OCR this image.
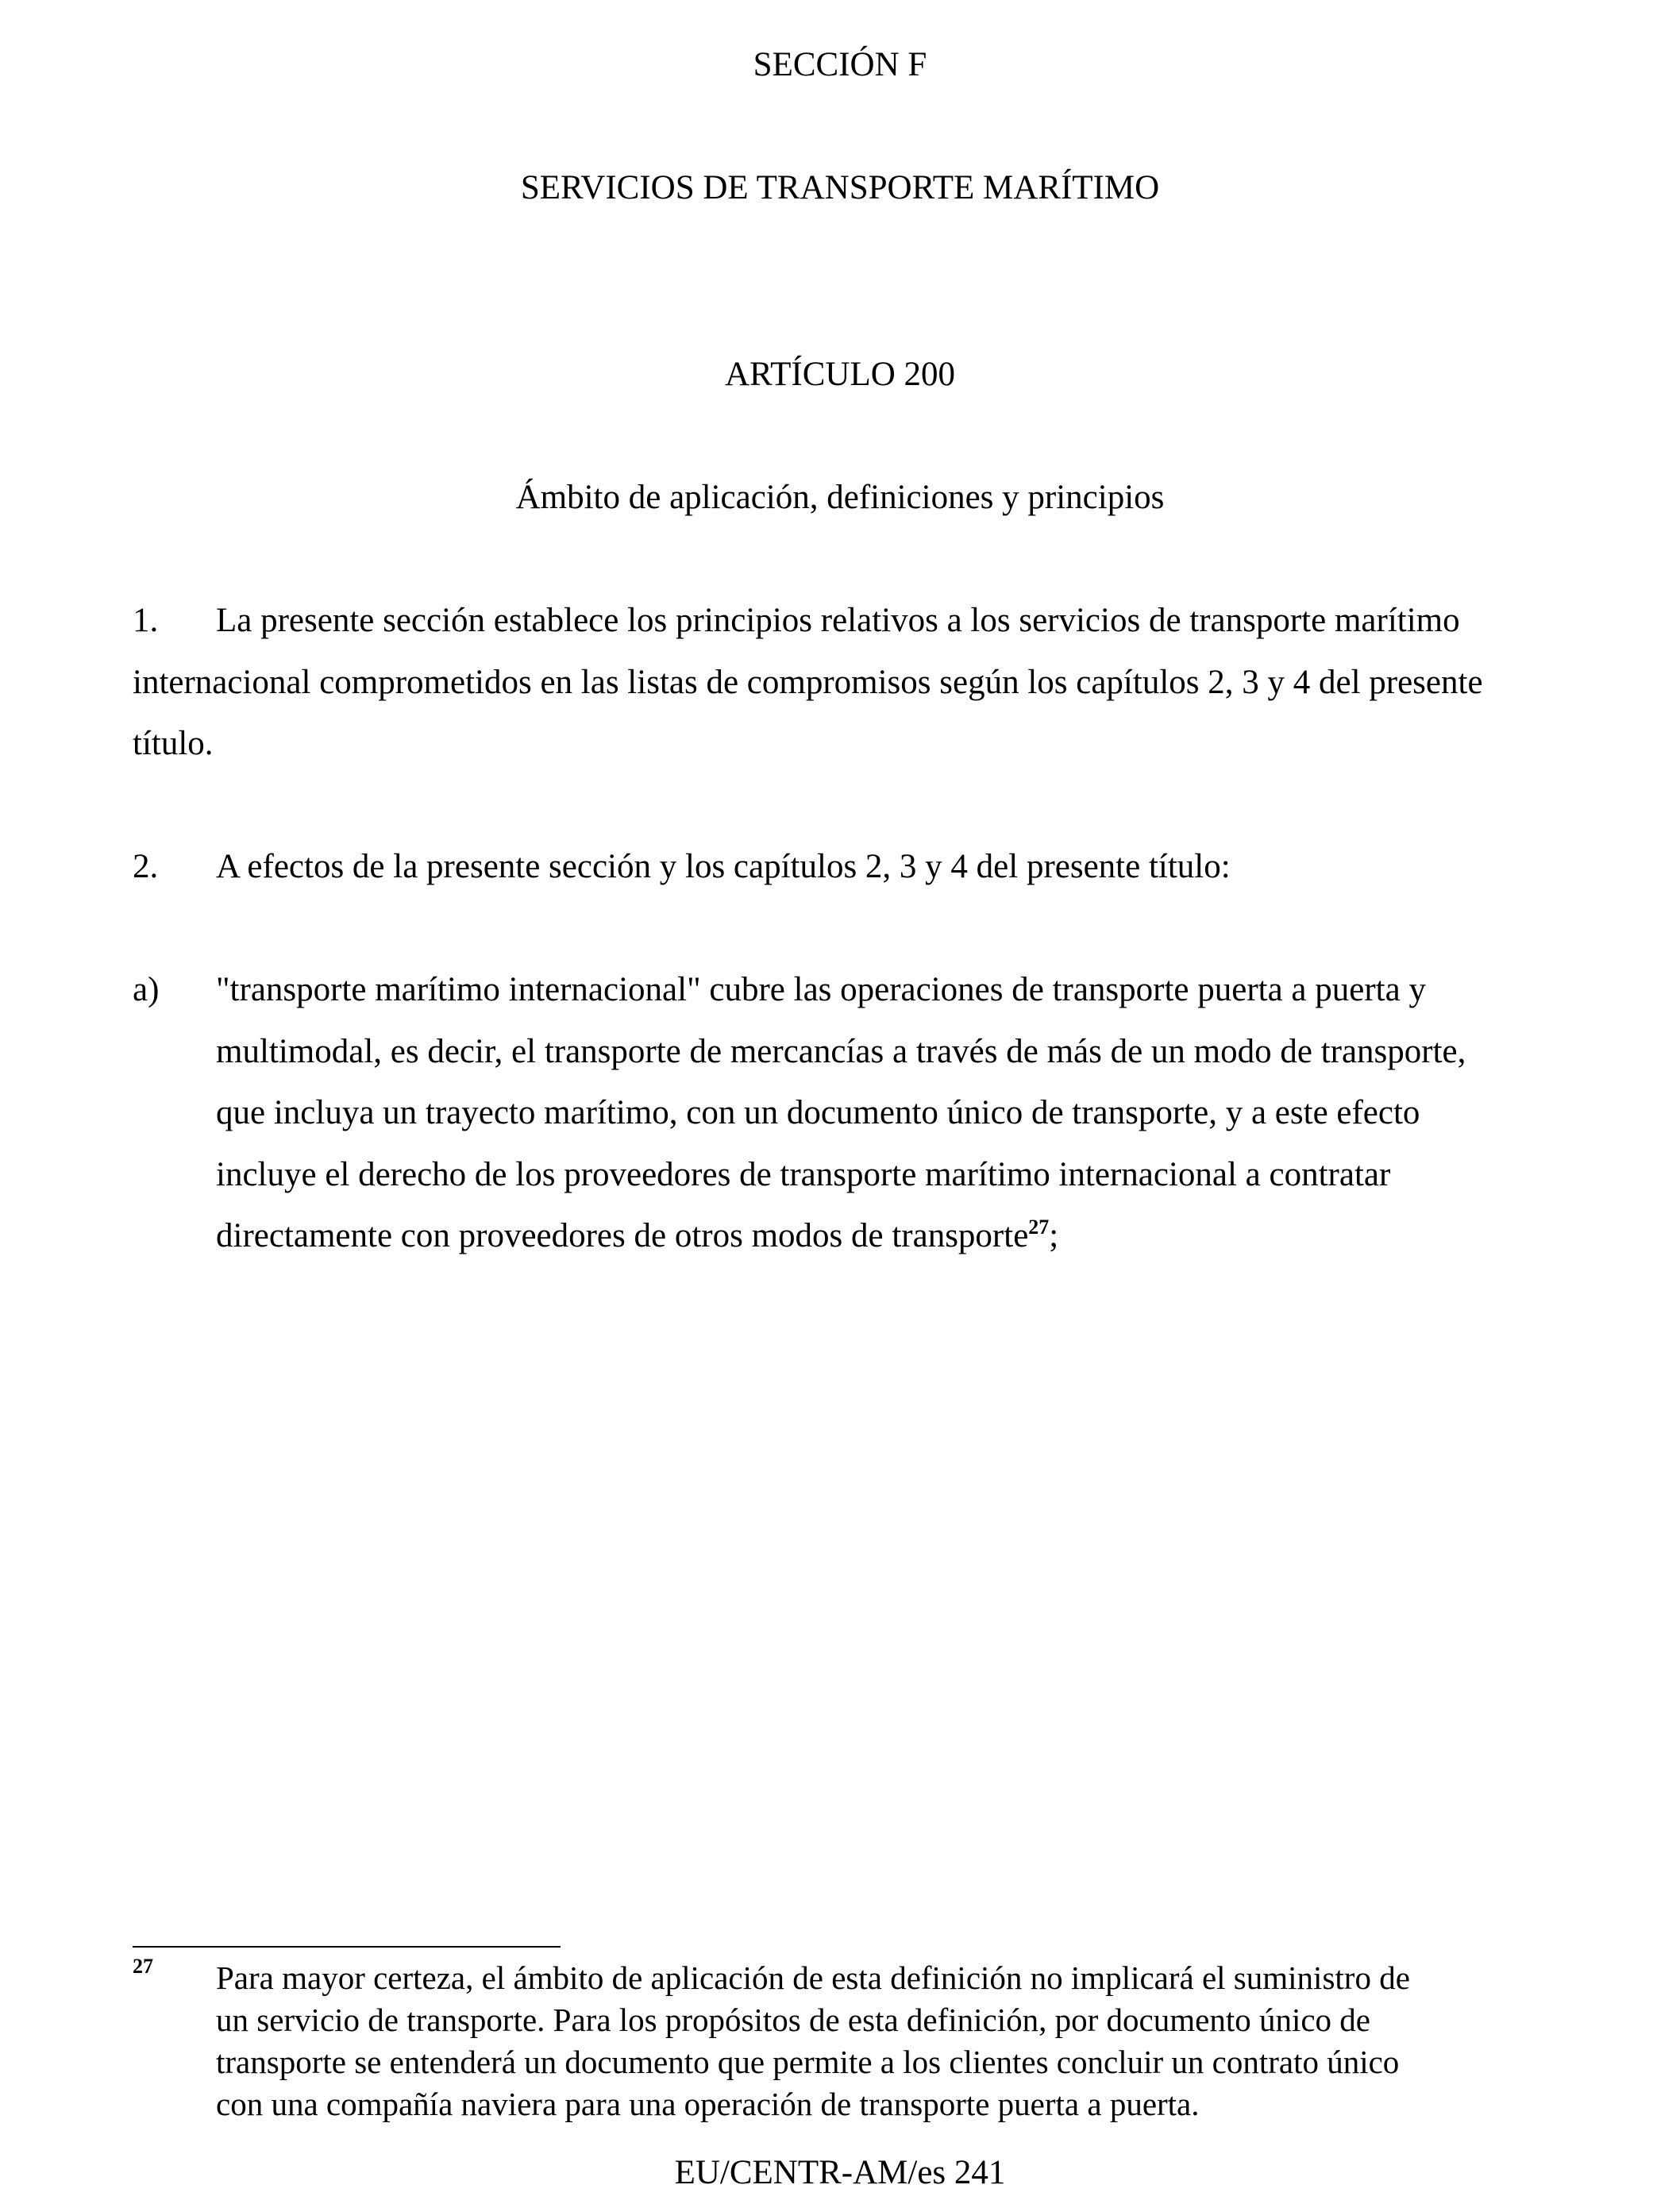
SECCIÓN F
SERVICIOS DE TRANSPORTE MARÍTIMO
ARTÍCULO 200
Ámbito de aplicación, definiciones y principios
1. La presente sección establece los principios relativos a los servicios de transporte marítimo
internacional comprometidos en las listas de compromisos según los capítulos 2, 3 y 4 del presente
título.
2. A efectos de la presente sección y los capítulos 2, 3 y 4 del presente título:
a) "transporte marítimo internacional" cubre las operaciones de transporte puerta a puerta y
multimodal, es decir, el transporte de mercancías a través de más de un modo de transporte,
que incluya un trayecto marítimo, con un documento único de transporte, y a este efecto
incluye el derecho de los proveedores de transporte marítimo internacional a contratar
directamente con proveedores de otros modos de transporte$^{27}$;
27 Para mayor certeza, el ámbito de aplicación de esta definición no implicará el suministro de
un servicio de transporte. Para los propósitos de esta definición, por documento único de
transporte se entenderá un documento que permite a los clientes concluir un contrato único
con una compañía naviera para una operación de transporte puerta a puerta.
EU/CENTR-AM/es 241
